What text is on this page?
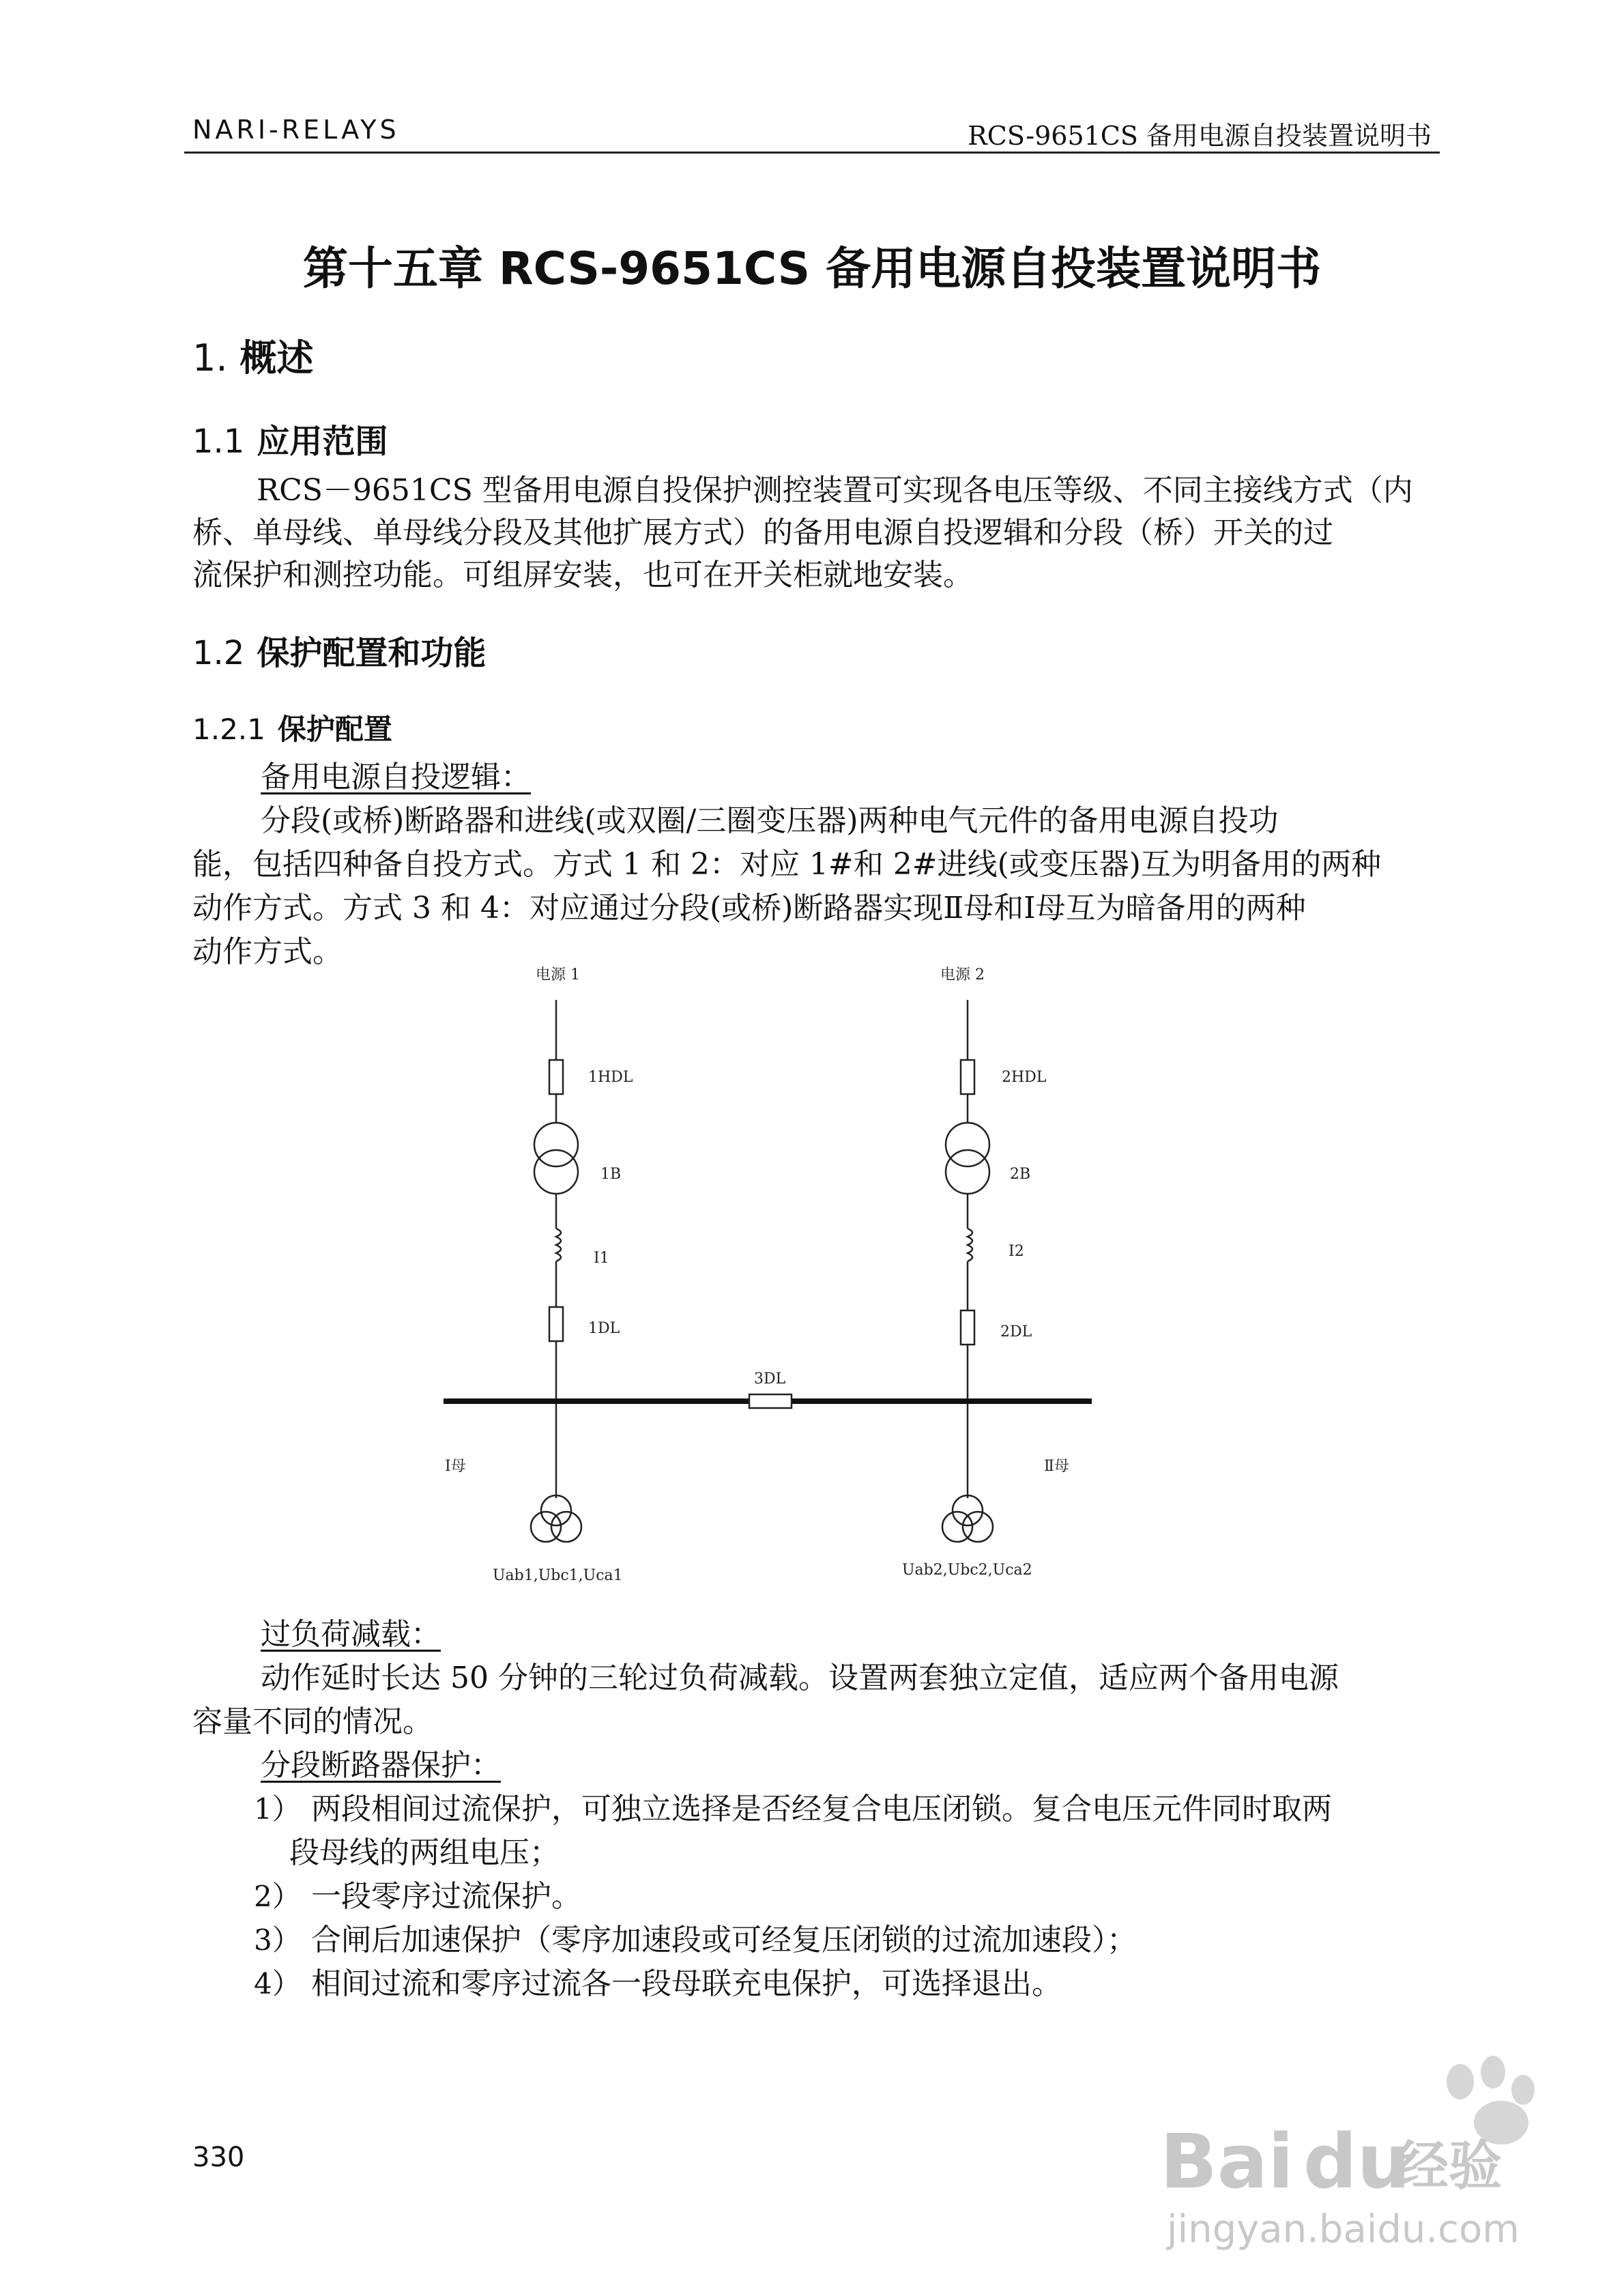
NARI-RELAYS	RCS-9651CS 备用电源自投装置说明书
第十五章 RCS-9651CS 备用电源自投装置说明书
1. 概述
1.1 应用范围
RCS－9651CS 型备用电源自投保护测控装置可实现各电压等级、不同主接线方式（内
桥、单母线、单母线分段及其他扩展方式）的备用电源自投逻辑和分段（桥）开关的过
流保护和测控功能。可组屏安装，也可在开关柜就地安装。
1.2 保护配置和功能
1.2.1 保护配置
备用电源自投逻辑：
分段(或桥)断路器和进线(或双圈/三圈变压器)两种电气元件的备用电源自投功
能，包括四种备自投方式。方式 1 和 2：对应 1#和 2#进线(或变压器)互为明备用的两种
动作方式。方式 3 和 4：对应通过分段(或桥)断路器实现Ⅱ母和Ⅰ母互为暗备用的两种
动作方式。
电源 1	电源 2
1HDL	2HDL
1B	2B
I1	I2
1DL	2DL
3DL
Ⅰ母	Ⅱ母
Uab1,Ubc1,Uca1	Uab2,Ubc2,Uca2
过负荷减载：
动作延时长达 50 分钟的三轮过负荷减载。设置两套独立定值，适应两个备用电源
容量不同的情况。
分段断路器保护：
1） 两段相间过流保护，可独立选择是否经复合电压闭锁。复合电压元件同时取两
段母线的两组电压；
2） 一段零序过流保护。
3） 合闸后加速保护（零序加速段或可经复压闭锁的过流加速段）；
4） 相间过流和零序过流各一段母联充电保护，可选择退出。
330	Bai du
经验
jingyan.baidu.com
